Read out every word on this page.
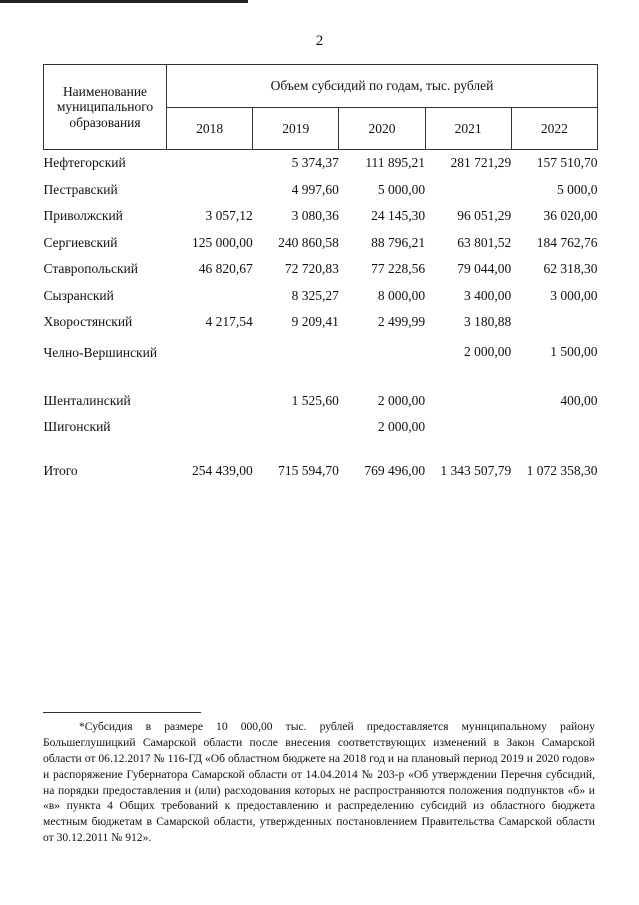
2
Наименование муниципального образования	Объем субсидий по годам, тыс. рублей				
	2018	2019	2020	2021	2022
Нефтегорский		5 374,37	111 895,21	281 721,29	157 510,70
Пестравский		4 997,60	5 000,00		5 000,0
Приволжский	3 057,12	3 080,36	24 145,30	96 051,29	36 020,00
Сергиевский	125 000,00	240 860,58	88 796,21	63 801,52	184 762,76
Ставропольский	46 820,67	72 720,83	77 228,56	79 044,00	62 318,30
Сызранский		8 325,27	8 000,00	3 400,00	3 000,00
Хворостянский	4 217,54	9 209,41	2 499,99	3 180,88	
Челно-Вершинский				2 000,00	1 500,00
Шенталинский		1 525,60	2 000,00		400,00
Шигонский			2 000,00		
Итого	254 439,00	715 594,70	769 496,00	1 343 507,79	1 072 358,30

*Субсидия в размере 10 000,00 тыс. рублей предоставляется муниципальному району Большеглушицкий Самарской области после внесения соответствующих изменений в Закон Самарской области от 06.12.2017 № 116-ГД «Об областном бюджете на 2018 год и на плановый период 2019 и 2020 годов» и распоряжение Губернатора Самарской области от 14.04.2014 № 203-р «Об утверждении Перечня субсидий, на порядки предоставления и (или) расходования которых не распространяются положения подпунктов «б» и «в» пункта 4 Общих требований к предоставлению и распределению субсидий из областного бюджета местным бюджетам в Самарской области, утвержденных постановлением Правительства Самарской области от 30.12.2011 № 912».
